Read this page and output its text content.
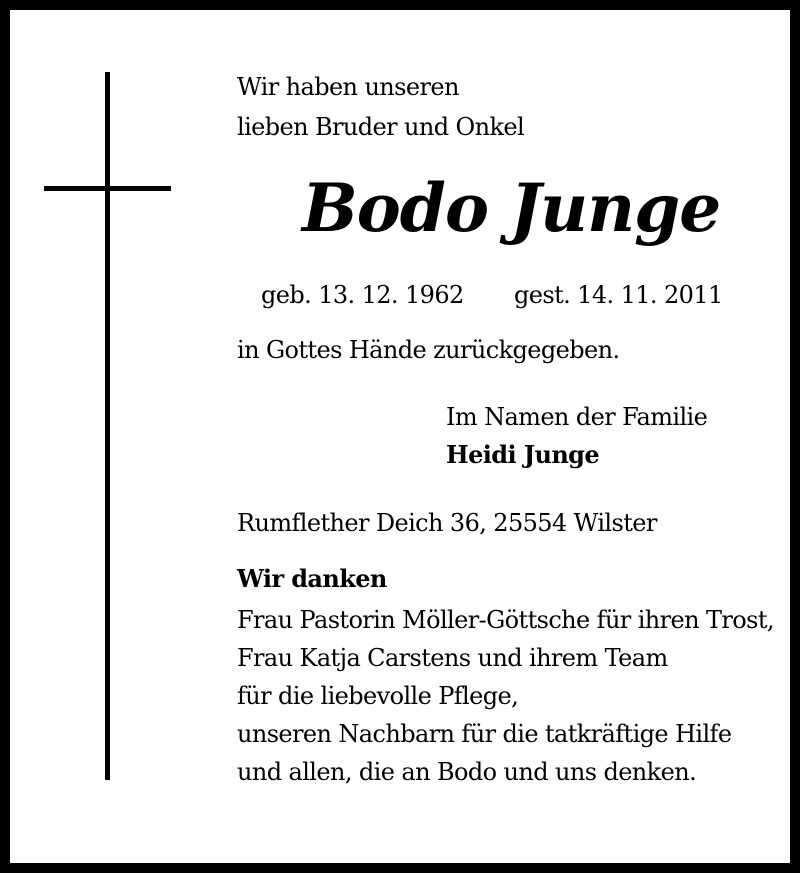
Wir haben unseren
lieben Bruder und Onkel
Bodo Junge
geb. 13. 12. 1962 gest. 14. 11. 2011
in Gottes Hände zurückgegeben.
Im Namen der Familie
Heidi Junge
Rumflether Deich 36, 25554 Wilster
Wir danken
Frau Pastorin Möller-Göttsche für ihren Trost,
Frau Katja Carstens und ihrem Team
für die liebevolle Pflege,
unseren Nachbarn für die tatkräftige Hilfe
und allen, die an Bodo und uns denken.
